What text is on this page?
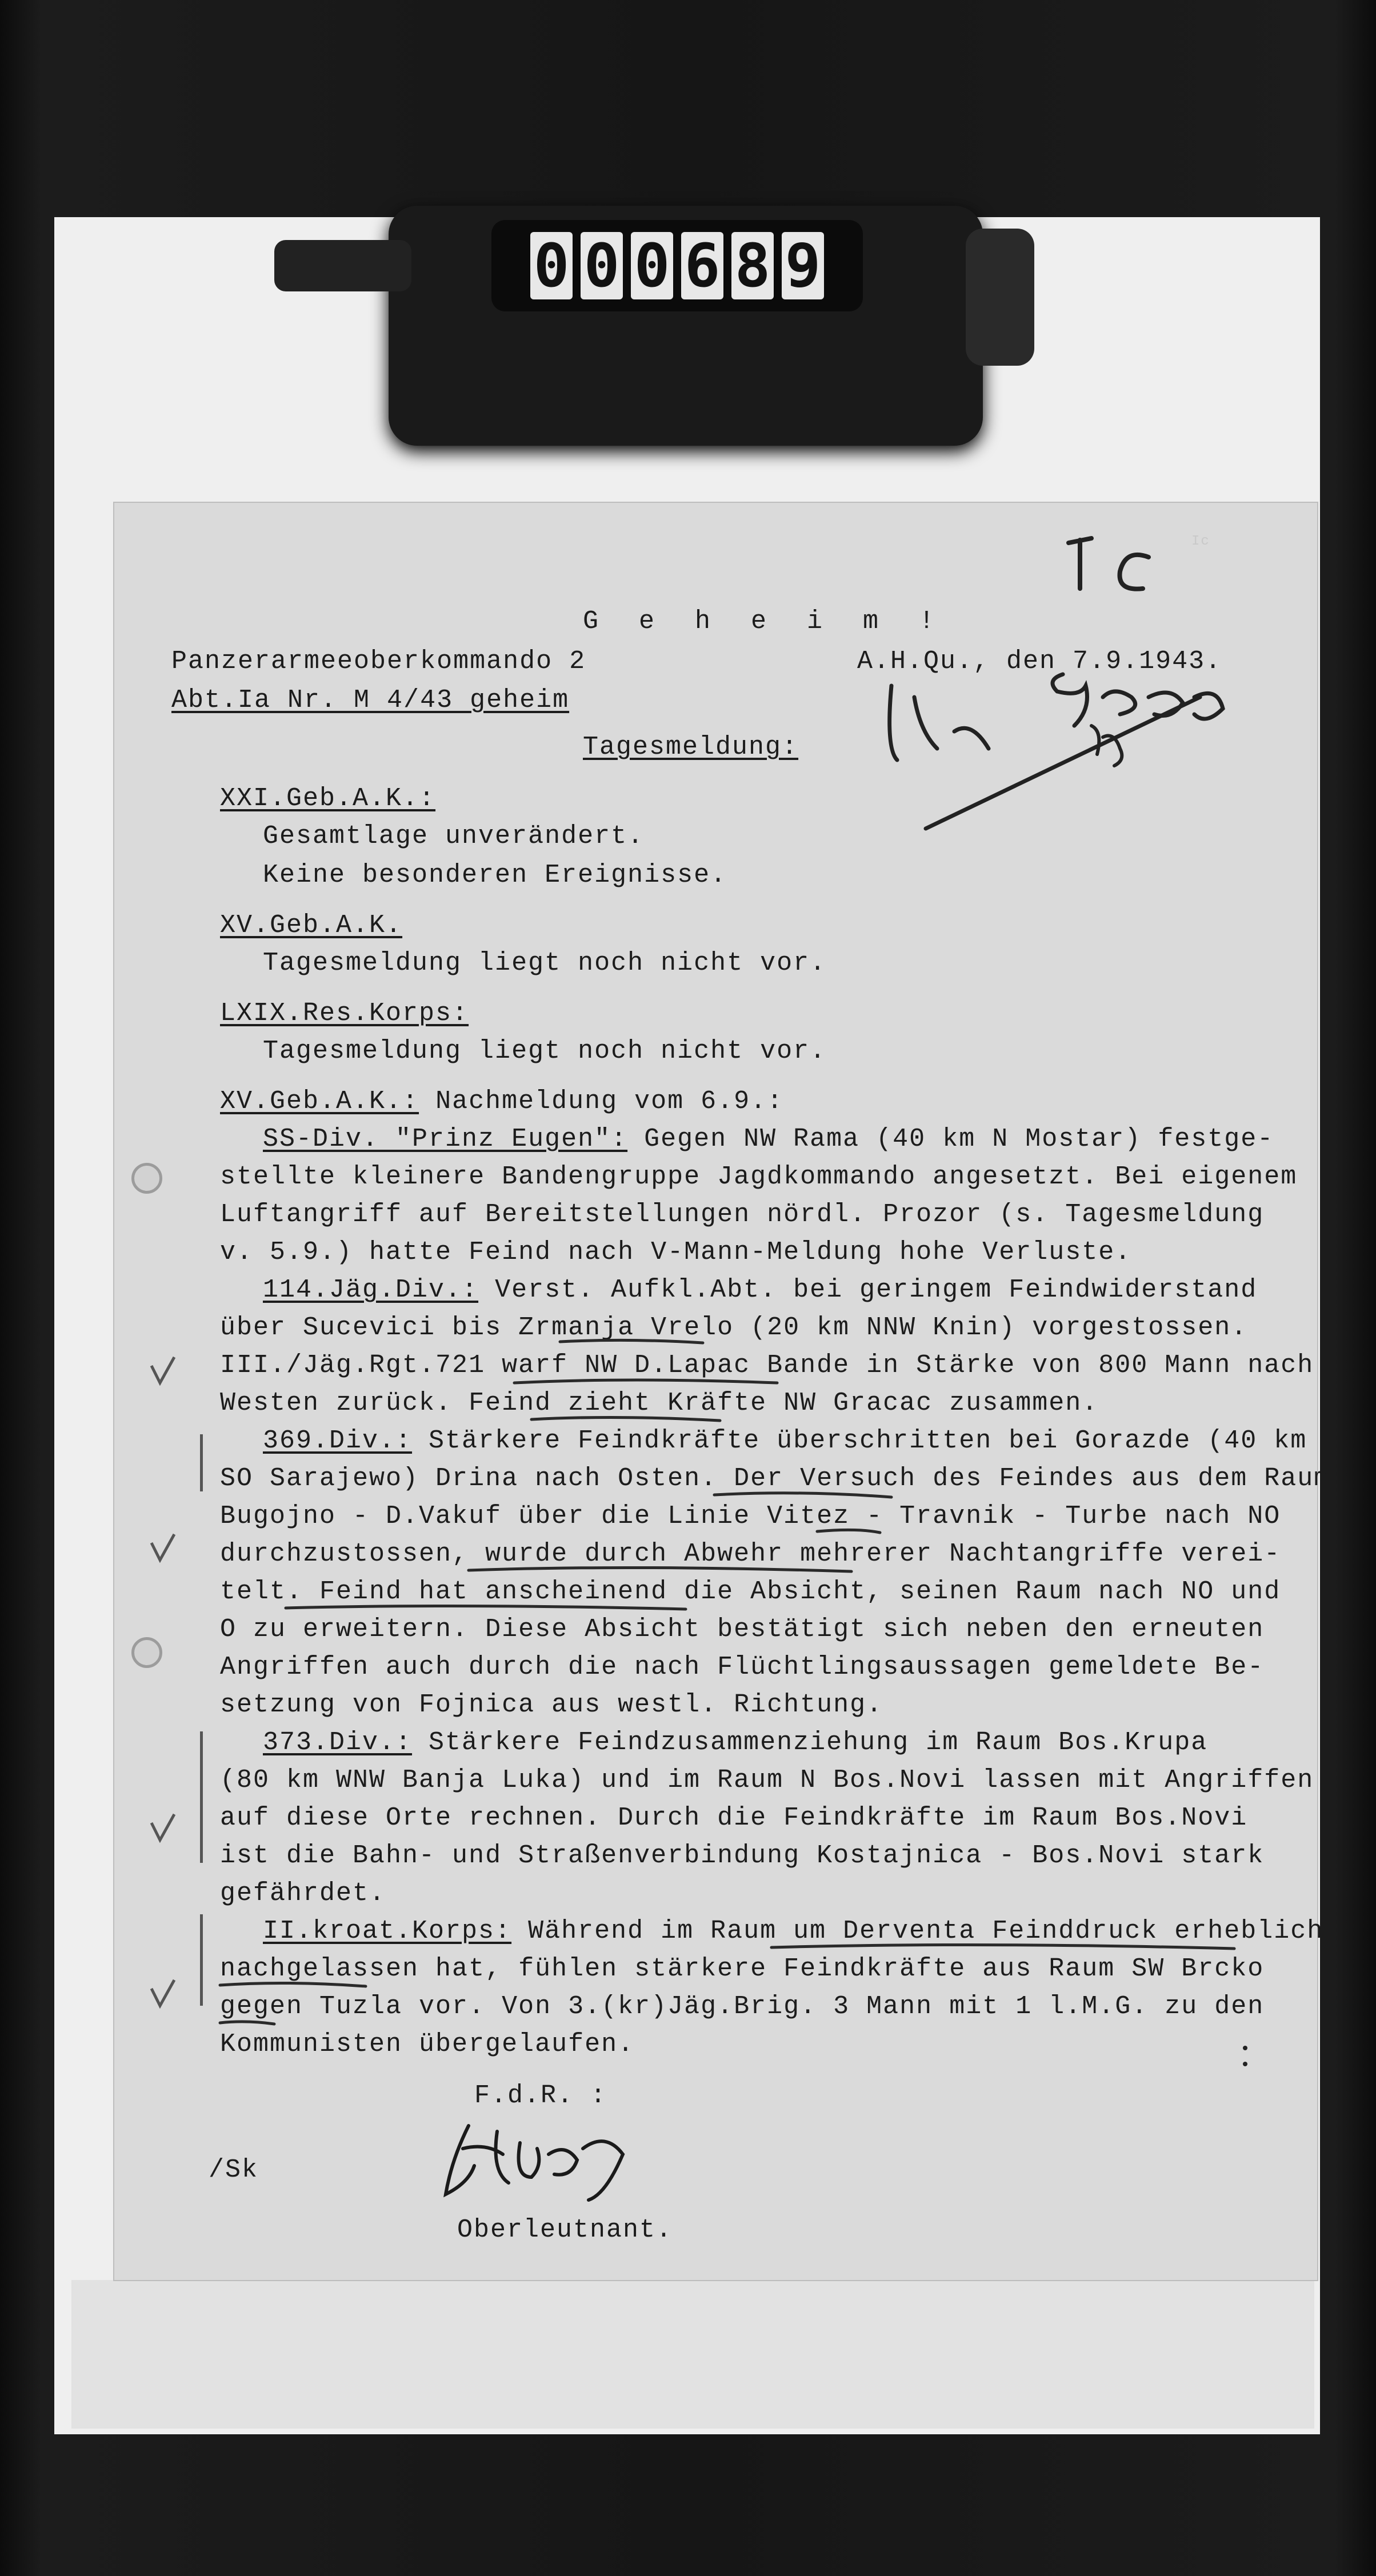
0 0 0 6 8 9
Ic
G e h e i m !
Panzerarmeeoberkommando 2	A.H.Qu., den 7.9.1943.
Abt.Ia Nr. M 4/43 geheim
Tagesmeldung:
XXI.Geb.A.K.:
Gesamtlage unverändert.
Keine besonderen Ereignisse.
XV.Geb.A.K.
Tagesmeldung liegt noch nicht vor.
LXIX.Res.Korps:
Tagesmeldung liegt noch nicht vor.
XV.Geb.A.K.: Nachmeldung vom 6.9.:
SS-Div. "Prinz Eugen": Gegen NW Rama (40 km N Mostar) festge-
stellte kleinere Bandengruppe Jagdkommando angesetzt. Bei eigenem
Luftangriff auf Bereitstellungen nördl. Prozor (s. Tagesmeldung
v. 5.9.) hatte Feind nach V-Mann-Meldung hohe Verluste.
114.Jäg.Div.: Verst. Aufkl.Abt. bei geringem Feindwiderstand
über Sucevici bis Zrmanja Vrelo (20 km NNW Knin) vorgestossen.
III./Jäg.Rgt.721 warf NW D.Lapac Bande in Stärke von 800 Mann nach
Westen zurück. Feind zieht Kräfte NW Gracac zusammen.
369.Div.: Stärkere Feindkräfte überschritten bei Gorazde (40 km
SO Sarajewo) Drina nach Osten. Der Versuch des Feindes aus dem Raum
Bugojno - D.Vakuf über die Linie Vitez - Travnik - Turbe nach NO
durchzustossen, wurde durch Abwehr mehrerer Nachtangriffe verei-
telt. Feind hat anscheinend die Absicht, seinen Raum nach NO und
O zu erweitern. Diese Absicht bestätigt sich neben den erneuten
Angriffen auch durch die nach Flüchtlingsaussagen gemeldete Be-
setzung von Fojnica aus westl. Richtung.
373.Div.: Stärkere Feindzusammenziehung im Raum Bos.Krupa
(80 km WNW Banja Luka) und im Raum N Bos.Novi lassen mit Angriffen
auf diese Orte rechnen. Durch die Feindkräfte im Raum Bos.Novi
ist die Bahn- und Straßenverbindung Kostajnica - Bos.Novi stark
gefährdet.
II.kroat.Korps: Während im Raum um Derventa Feinddruck erheblich
nachgelassen hat, fühlen stärkere Feindkräfte aus Raum SW Brcko
gegen Tuzla vor. Von 3.(kr)Jäg.Brig. 3 Mann mit 1 l.M.G. zu den
Kommunisten übergelaufen.
F.d.R. :
/Sk
Oberleutnant.
